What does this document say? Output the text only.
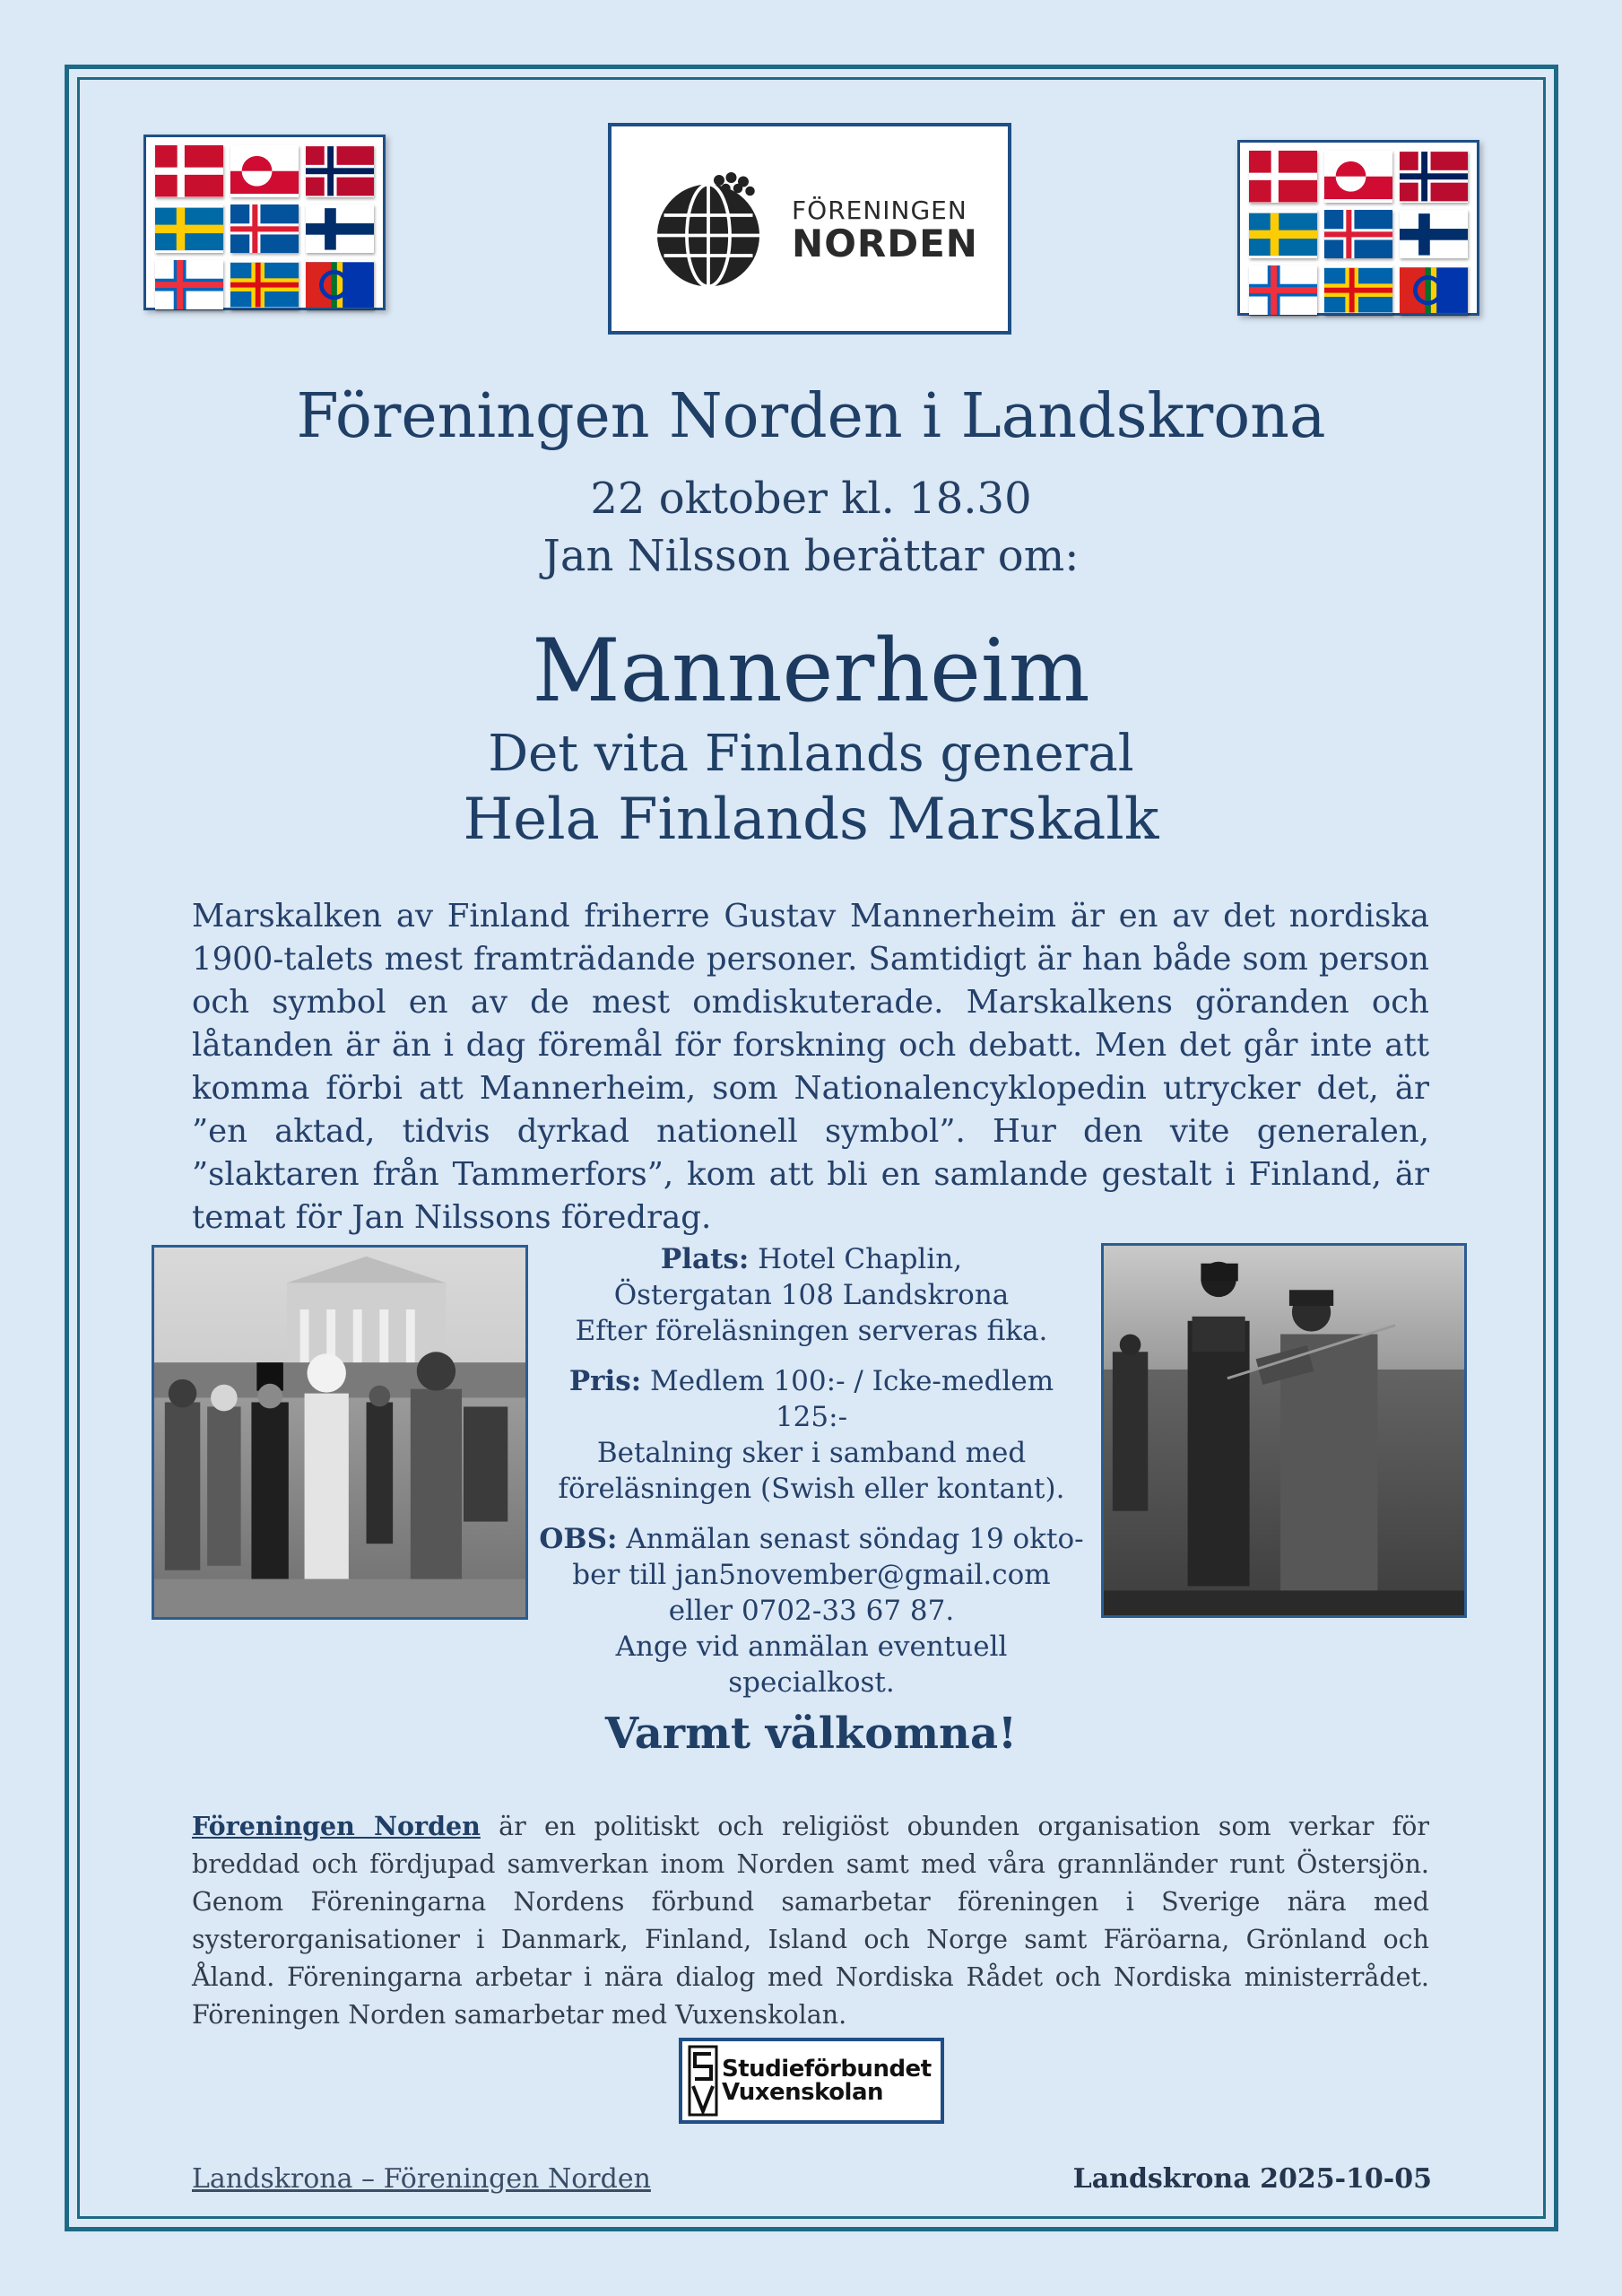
FÖRENINGEN
NORDEN
Föreningen Norden i Landskrona
22 oktober kl. 18.30
Jan Nilsson berättar om:
Mannerheim
Det vita Finlands general
Hela Finlands Marskalk
Marskalken av Finland friherre Gustav Mannerheim är en av det nordiska 1900-talets mest framträdande personer. Samtidigt är han både som person och symbol en av de mest omdiskuterade. Marskalkens göranden och låtanden är än i dag föremål för forskning och debatt. Men det går inte att komma förbi att Mannerheim, som Nationalencyklopedin utrycker det, är ”en aktad, tidvis dyrkad nationell symbol”. Hur den vite generalen, ”slaktaren från Tammerfors”, kom att bli en samlande gestalt i Finland, är temat för Jan Nilssons föredrag.

Plats: Hotel Chaplin,
Östergatan 108 Landskrona
Efter föreläsningen serveras fika.

Pris: Medlem 100:- / Icke-medlem 125:-
Betalning sker i samband med
föreläsningen (Swish eller kontant).

OBS: Anmälan senast söndag 19 okto-
ber till jan5november@gmail.com
eller 0702-33 67 87.
Ange vid anmälan eventuell specialkost.

Varmt välkomna!
Föreningen Norden är en politiskt och religiöst obunden organisation som verkar för breddad och fördjupad samverkan inom Norden samt med våra grannländer runt Östersjön. Genom Föreningarna Nordens förbund samarbetar föreningen i Sverige nära med systerorganisationer i Danmark, Finland, Island och Norge samt Färöarna, Grönland och Åland. Föreningarna arbetar i nära dialog med Nordiska Rådet och Nordiska ministerrådet. Föreningen Norden samarbetar med Vuxenskolan.
Studieförbundet
Vuxenskolan
Landskrona – Föreningen Norden	Landskrona 2025-10-05
